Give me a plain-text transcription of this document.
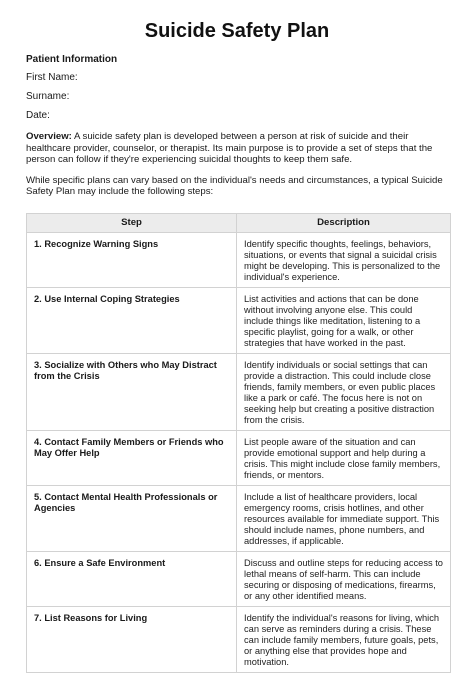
Suicide Safety Plan
Patient Information
First Name:
Surname:
Date:

Overview: A suicide safety plan is developed between a person at risk of suicide and their healthcare provider, counselor, or therapist. Its main purpose is to provide a set of steps that the person can follow if they're experiencing suicidal thoughts to keep them safe.

While specific plans can vary based on the individual's needs and circumstances, a typical Suicide Safety Plan may include the following steps:

Step	Description
1. Recognize Warning Signs	Identify specific thoughts, feelings, behaviors, situations, or events that signal a suicidal crisis might be developing. This is personalized to the individual's experience.
2. Use Internal Coping Strategies	List activities and actions that can be done without involving anyone else. This could include things like meditation, listening to a specific playlist, going for a walk, or other strategies that have worked in the past.
3. Socialize with Others who May Distract from the Crisis	Identify individuals or social settings that can provide a distraction. This could include close friends, family members, or even public places like a park or café. The focus here is not on seeking help but creating a positive distraction from the crisis.
4. Contact Family Members or Friends who May Offer Help	List people aware of the situation and can provide emotional support and help during a crisis. This might include close family members, friends, or mentors.
5. Contact Mental Health Professionals or Agencies	Include a list of healthcare providers, local emergency rooms, crisis hotlines, and other resources available for immediate support. This should include names, phone numbers, and addresses, if applicable.
6. Ensure a Safe Environment	Discuss and outline steps for reducing access to lethal means of self-harm. This can include securing or disposing of medications, firearms, or any other identified means.
7. List Reasons for Living	Identify the individual's reasons for living, which can serve as reminders during a crisis. These can include family members, future goals, pets, or anything else that provides hope and motivation.
